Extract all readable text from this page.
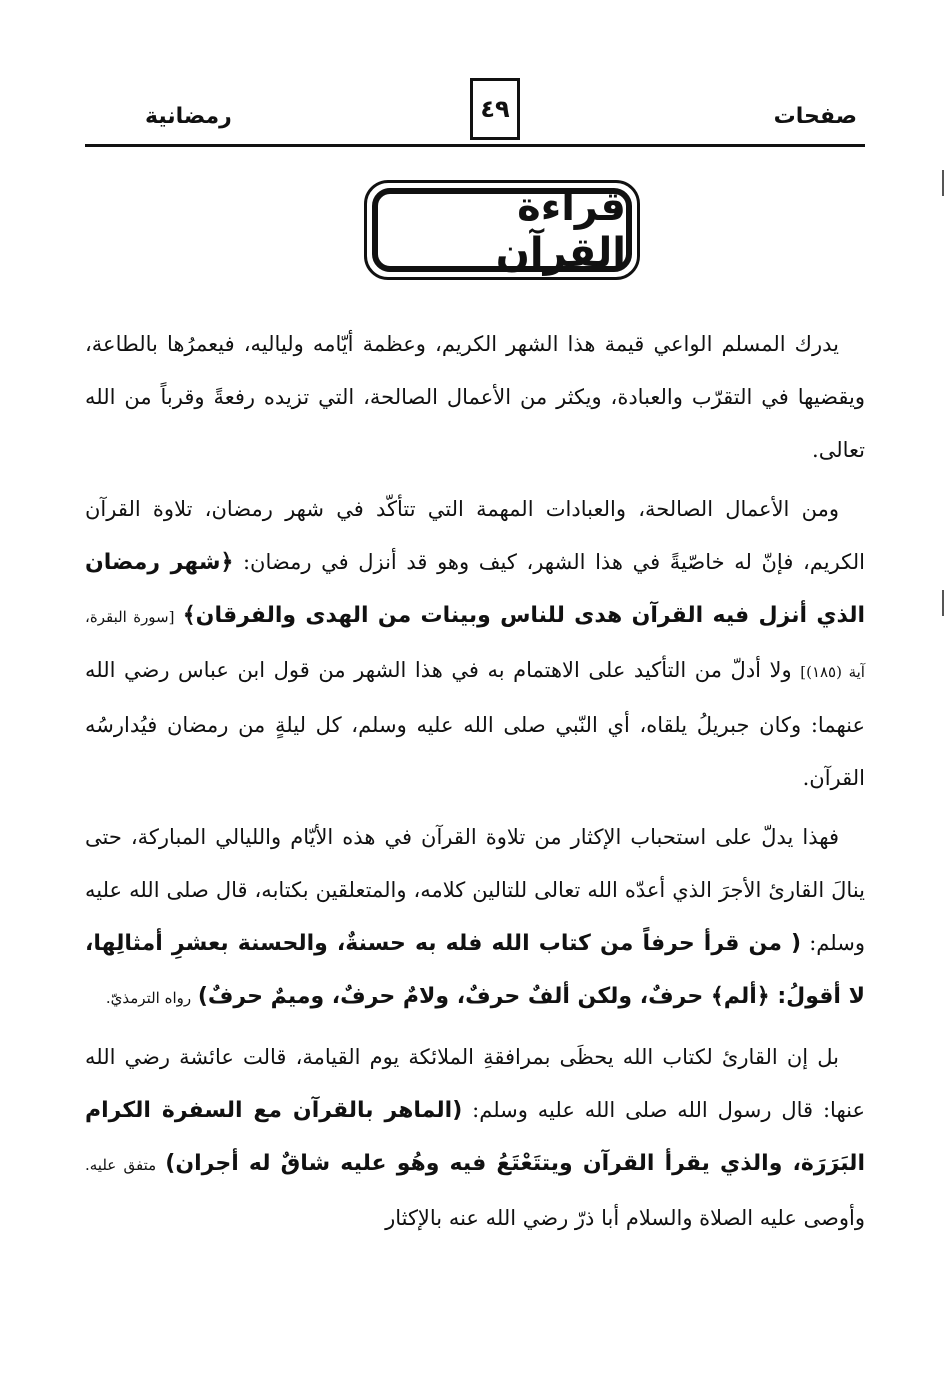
صفحات
٤٩
رمضانية
قراءة القرآن

يدرك المسلم الواعي قيمة هذا الشهر الكريم، وعظمة أيّامه ولياليه، فيعمرُها بالطاعة، ويقضيها في التقرّب والعبادة، ويكثر من الأعمال الصالحة، التي تزيده رفعةً وقرباً من الله تعالى.

ومن الأعمال الصالحة، والعبادات المهمة التي تتأكّد في شهر رمضان، تلاوة القرآن الكريم، فإنّ له خاصّيةً في هذا الشهر، كيف وهو قد أنزل في رمضان: ﴿شهر رمضان الذي أنزل فيه القرآن هدى للناس وبينات من الهدى والفرقان﴾ [سورة البقرة، آية (١٨٥)] ولا أدلّ من التأكيد على الاهتمام به في هذا الشهر من قول ابن عباس رضي الله عنهما: وكان جبريلُ يلقاه، أي النّبي صلى الله عليه وسلم، كل ليلةٍ من رمضان فيُدارسُه القرآن.

فهذا يدلّ على استحباب الإكثار من تلاوة القرآن في هذه الأيّام والليالي المباركة، حتى ينالَ القارئ الأجرَ الذي أعدّه الله تعالى للتالين كلامه، والمتعلقين بكتابه، قال صلى الله عليه وسلم: ( من قرأ حرفاً من كتاب الله فله به حسنةٌ، والحسنة بعشرِ أمثالِها، لا أقولُ: ﴿ألم﴾ حرفٌ، ولكن ألفٌ حرفٌ، ولامٌ حرفٌ، وميمٌ حرفٌ) رواه الترمذيّ.

بل إن القارئ لكتاب الله يحظَى بمرافقةِ الملائكة يوم القيامة، قالت عائشة رضي الله عنها: قال رسول الله صلى الله عليه وسلم: (الماهر بالقرآن مع السفرة الكرام البَرَرَة، والذي يقرأ القرآن ويتتَعْتَعُ فيه وهُو عليه شاقٌ له أجران) متفق عليه. وأوصى عليه الصلاة والسلام أبا ذرّ رضي الله عنه بالإكثار
